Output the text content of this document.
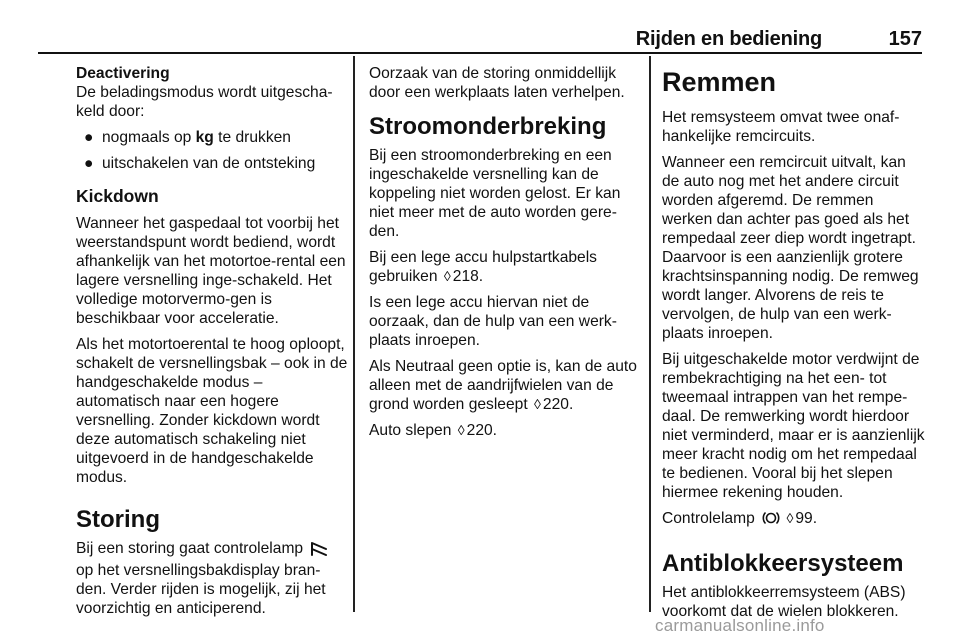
Rijden en bediening	157

Deactivering

De beladingsmodus wordt uitgescha-keld door:

● nogmaals op kg te drukken
● uitschakelen van de ontsteking
Kickdown

Wanneer het gaspedaal tot voorbij het weerstandspunt wordt bediend, wordt afhankelijk van het motortoe-rental een lagere versnelling inge-schakeld. Het volledige motorvermo-gen is beschikbaar voor acceleratie.

Als het motortoerental te hoog oploopt, schakelt de versnellingsbak – ook in de handgeschakelde modus – automatisch naar een hogere versnelling. Zonder kickdown wordt deze automatisch schakeling niet uitgevoerd in de handgeschakelde modus.

Storing

Bij een storing gaat controlelamp  op het versnellingsbakdisplay bran-den. Verder rijden is mogelijk, zij het voorzichtig en anticiperend.

Oorzaak van de storing onmiddellijk door een werkplaats laten verhelpen.

Stroomonderbreking

Bij een stroomonderbreking en een ingeschakelde versnelling kan de koppeling niet worden gelost. Er kan niet meer met de auto worden gere-den.

Bij een lege accu hulpstartkabels gebruiken ◊ 218.

Is een lege accu hiervan niet de oorzaak, dan de hulp van een werk-plaats inroepen.

Als Neutraal geen optie is, kan de auto alleen met de aandrijfwielen van de grond worden gesleept ◊ 220.

Auto slepen ◊ 220.

Remmen

Het remsysteem omvat twee onaf-hankelijke remcircuits.

Wanneer een remcircuit uitvalt, kan de auto nog met het andere circuit worden afgeremd. De remmen werken dan achter pas goed als het rempedaal zeer diep wordt ingetrapt. Daarvoor is een aanzienlijk grotere krachtsinspanning nodig. De remweg wordt langer. Alvorens de reis te vervolgen, de hulp van een werk-plaats inroepen.

Bij uitgeschakelde motor verdwijnt de rembekrachtiging na het een- tot tweemaal intrappen van het rempe-daal. De remwerking wordt hierdoor niet verminderd, maar er is aanzienlijk meer kracht nodig om het rempedaal te bedienen. Vooral bij het slepen hiermee rekening houden.

Controlelamp ◊ 99.

Antiblokkeersysteem

Het antiblokkeerremsysteem (ABS) voorkomt dat de wielen blokkeren.

carmanualsonline.info
